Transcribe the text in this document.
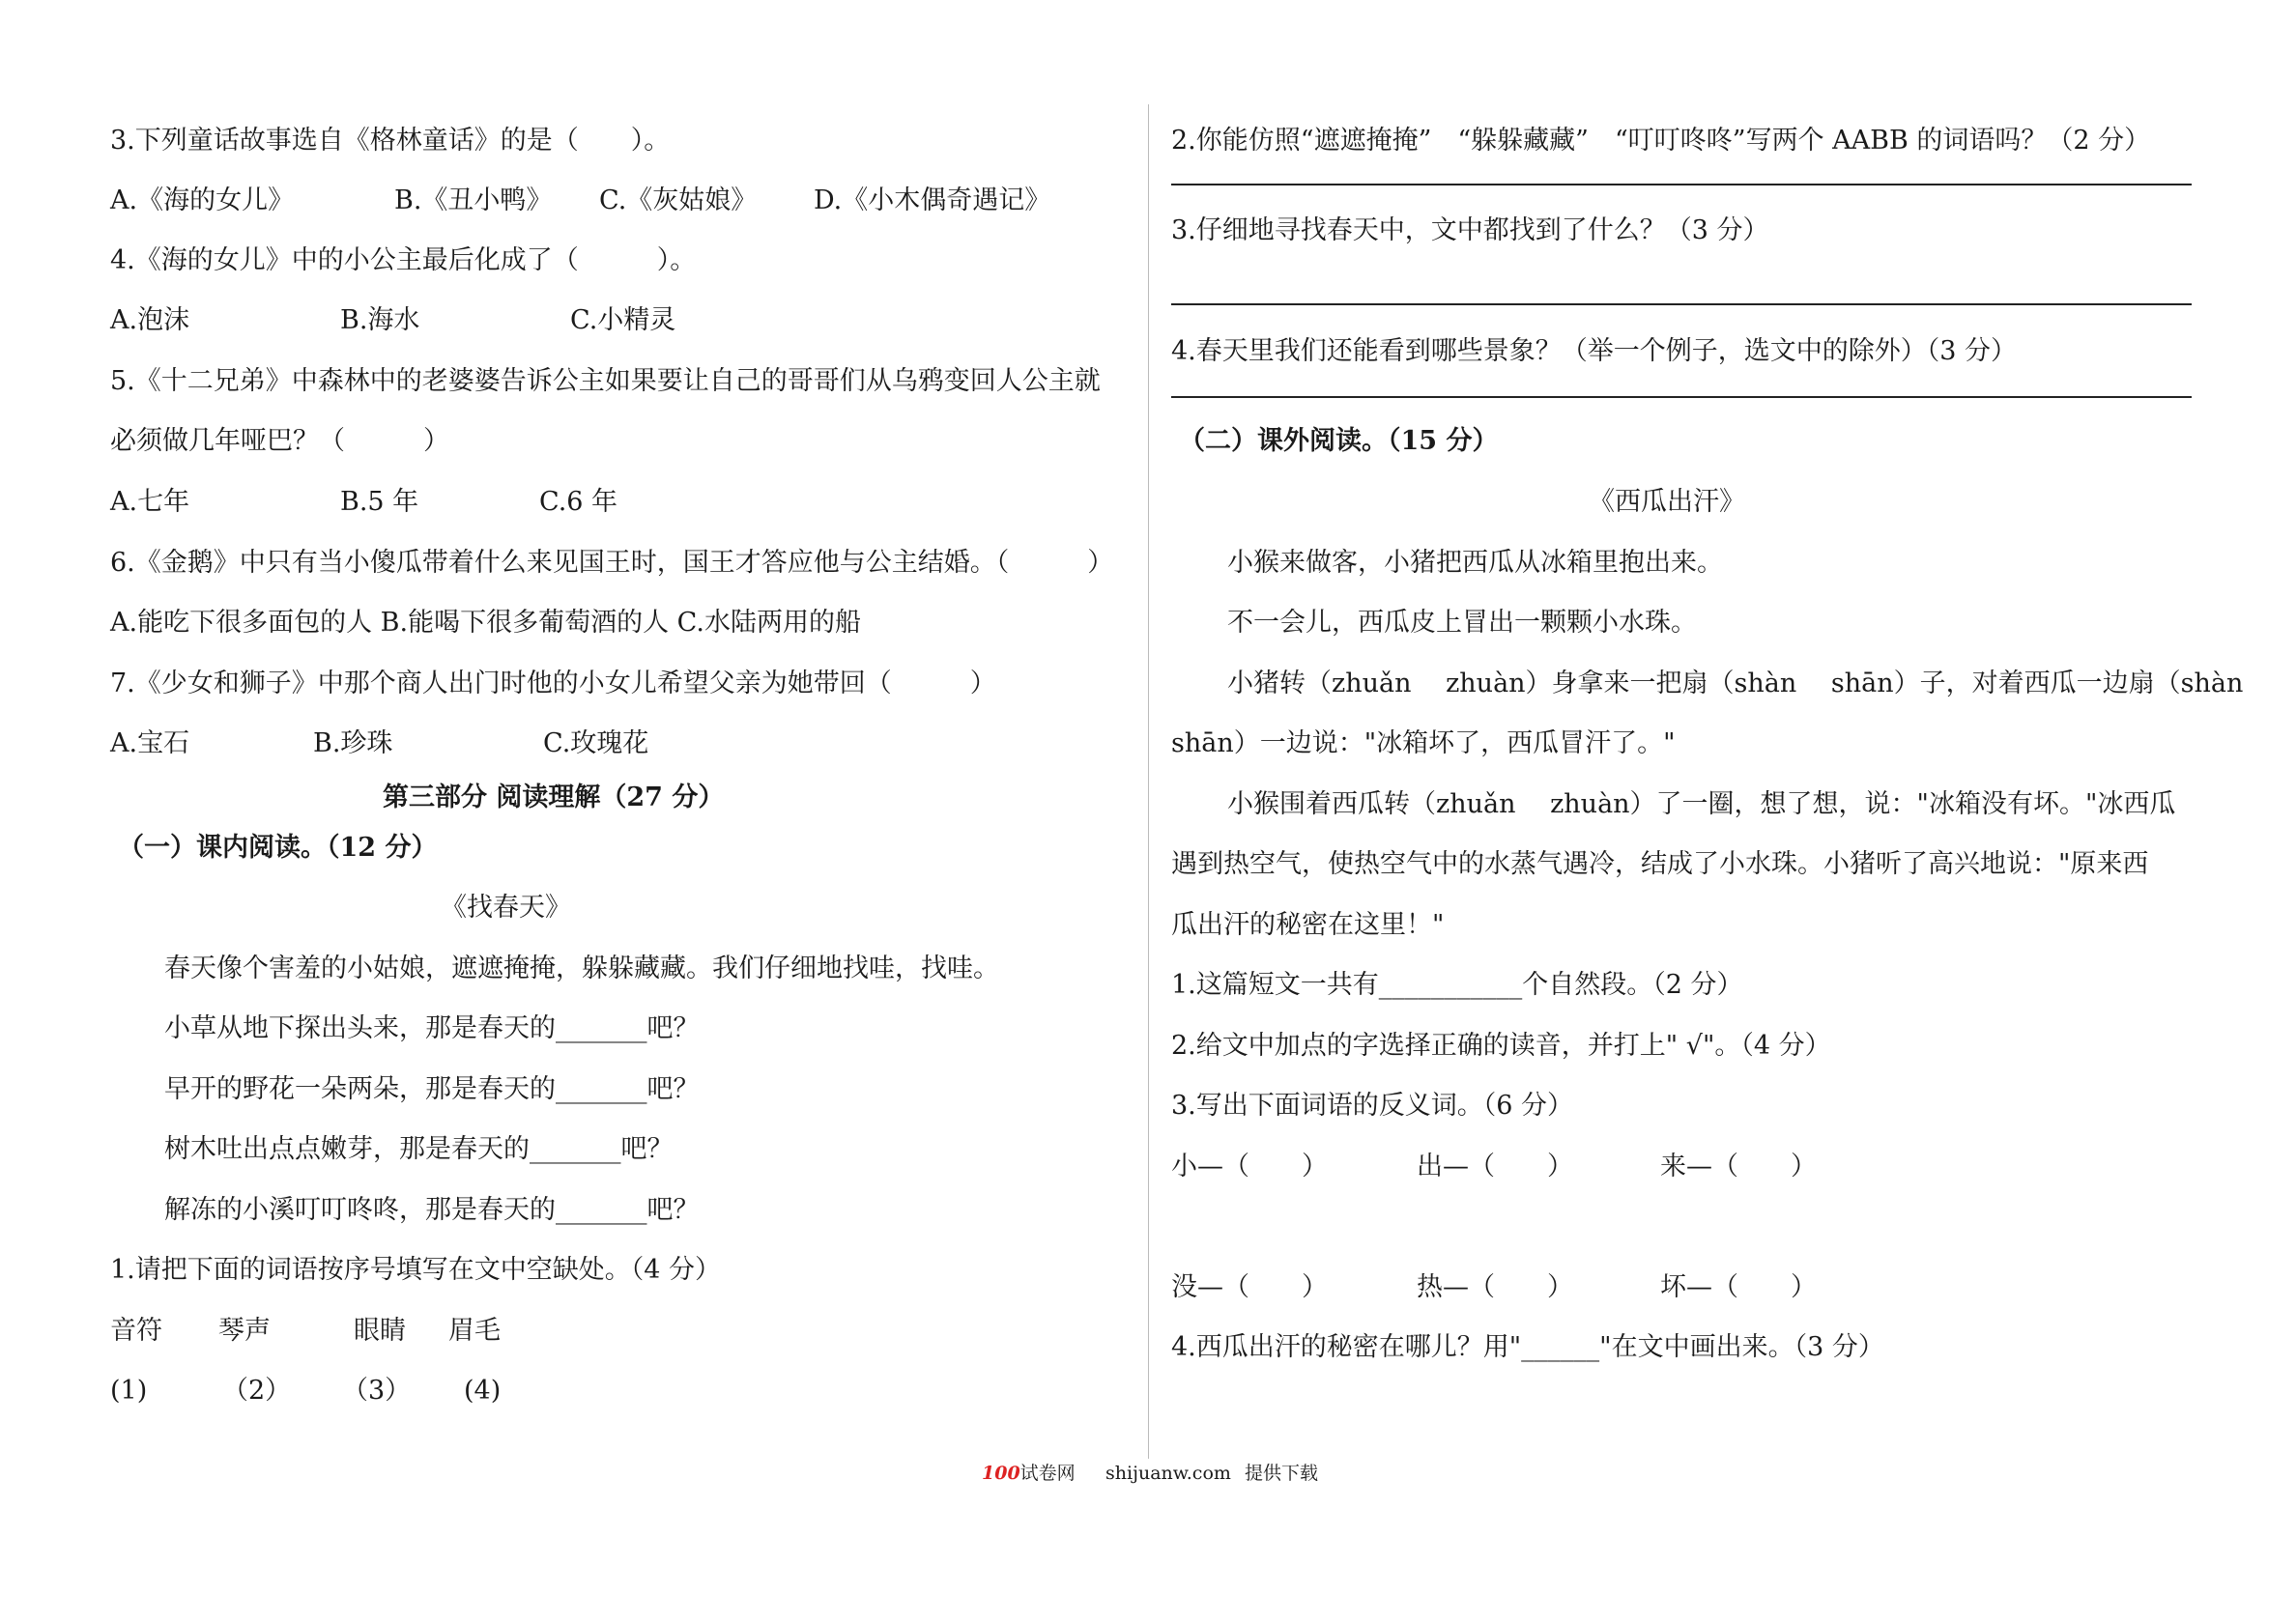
3.下列童话故事选自《格林童话》的是（　　）。
A.《海的女儿》	B.《丑小鸭》 C.《灰姑娘》 D.《小木偶奇遇记》
4.《海的女儿》中的小公主最后化成了（　　　）。
A.泡沫	B.海水	C.小精灵
5.《十二兄弟》中森林中的老婆婆告诉公主如果要让自己的哥哥们从乌鸦变回人公主就
必须做几年哑巴？（　　　）
A.七年	B.5 年	C.6 年
6.《金鹅》中只有当小傻瓜带着什么来见国王时，国王才答应他与公主结婚。（　　　）
A.能吃下很多面包的人 B.能喝下很多葡萄酒的人 C.水陆两用的船
7.《少女和狮子》中那个商人出门时他的小女儿希望父亲为她带回（　　　）
A.宝石	B.珍珠	C.玫瑰花
第三部分 阅读理解（27 分）
（一）课内阅读。（12 分）
《找春天》
春天像个害羞的小姑娘，遮遮掩掩，躲躲藏藏。我们仔细地找哇，找哇。
小草从地下探出头来，那是春天的_______吧？
早开的野花一朵两朵，那是春天的_______吧？
树木吐出点点嫩芽，那是春天的_______吧？
解冻的小溪叮叮咚咚，那是春天的_______吧？
1.请把下面的词语按序号填写在文中空缺处。（4 分）
音符 琴声	眼睛 眉毛
(1)	（2） （3） (4)
2.你能仿照“遮遮掩掩”　“躲躲藏藏”　“叮叮咚咚”写两个 AABB 的词语吗？（2 分）
3.仔细地寻找春天中，文中都找到了什么？（3 分）
4.春天里我们还能看到哪些景象？（举一个例子，选文中的除外）（3 分）
（二）课外阅读。（15 分）
《西瓜出汗》
小猴来做客，小猪把西瓜从冰箱里抱出来。
不一会儿，西瓜皮上冒出一颗颗小水珠。
小猪转（zhuǎn　 zhuàn）身拿来一把扇（shàn　 shān）子，对着西瓜一边扇（shàn
shān）一边说："冰箱坏了，西瓜冒汗了。"
小猴围着西瓜转（zhuǎn　 zhuàn）了一圈，想了想，说："冰箱没有坏。"冰西瓜
遇到热空气，使热空气中的水蒸气遇冷，结成了小水珠。小猪听了高兴地说："原来西
瓜出汗的秘密在这里！"
1.这篇短文一共有___________个自然段。（2 分）
2.给文中加点的字选择正确的读音，并打上" √"。（4 分）
3.写出下面词语的反义词。（6 分）
小—（　　）	出—（　　）	来—（　　）
没—（　　）	热—（　　）	坏—（　　）
4.西瓜出汗的秘密在哪儿？用"______"在文中画出来。（3 分）
100试卷网 shijuanw.com 提供下载
